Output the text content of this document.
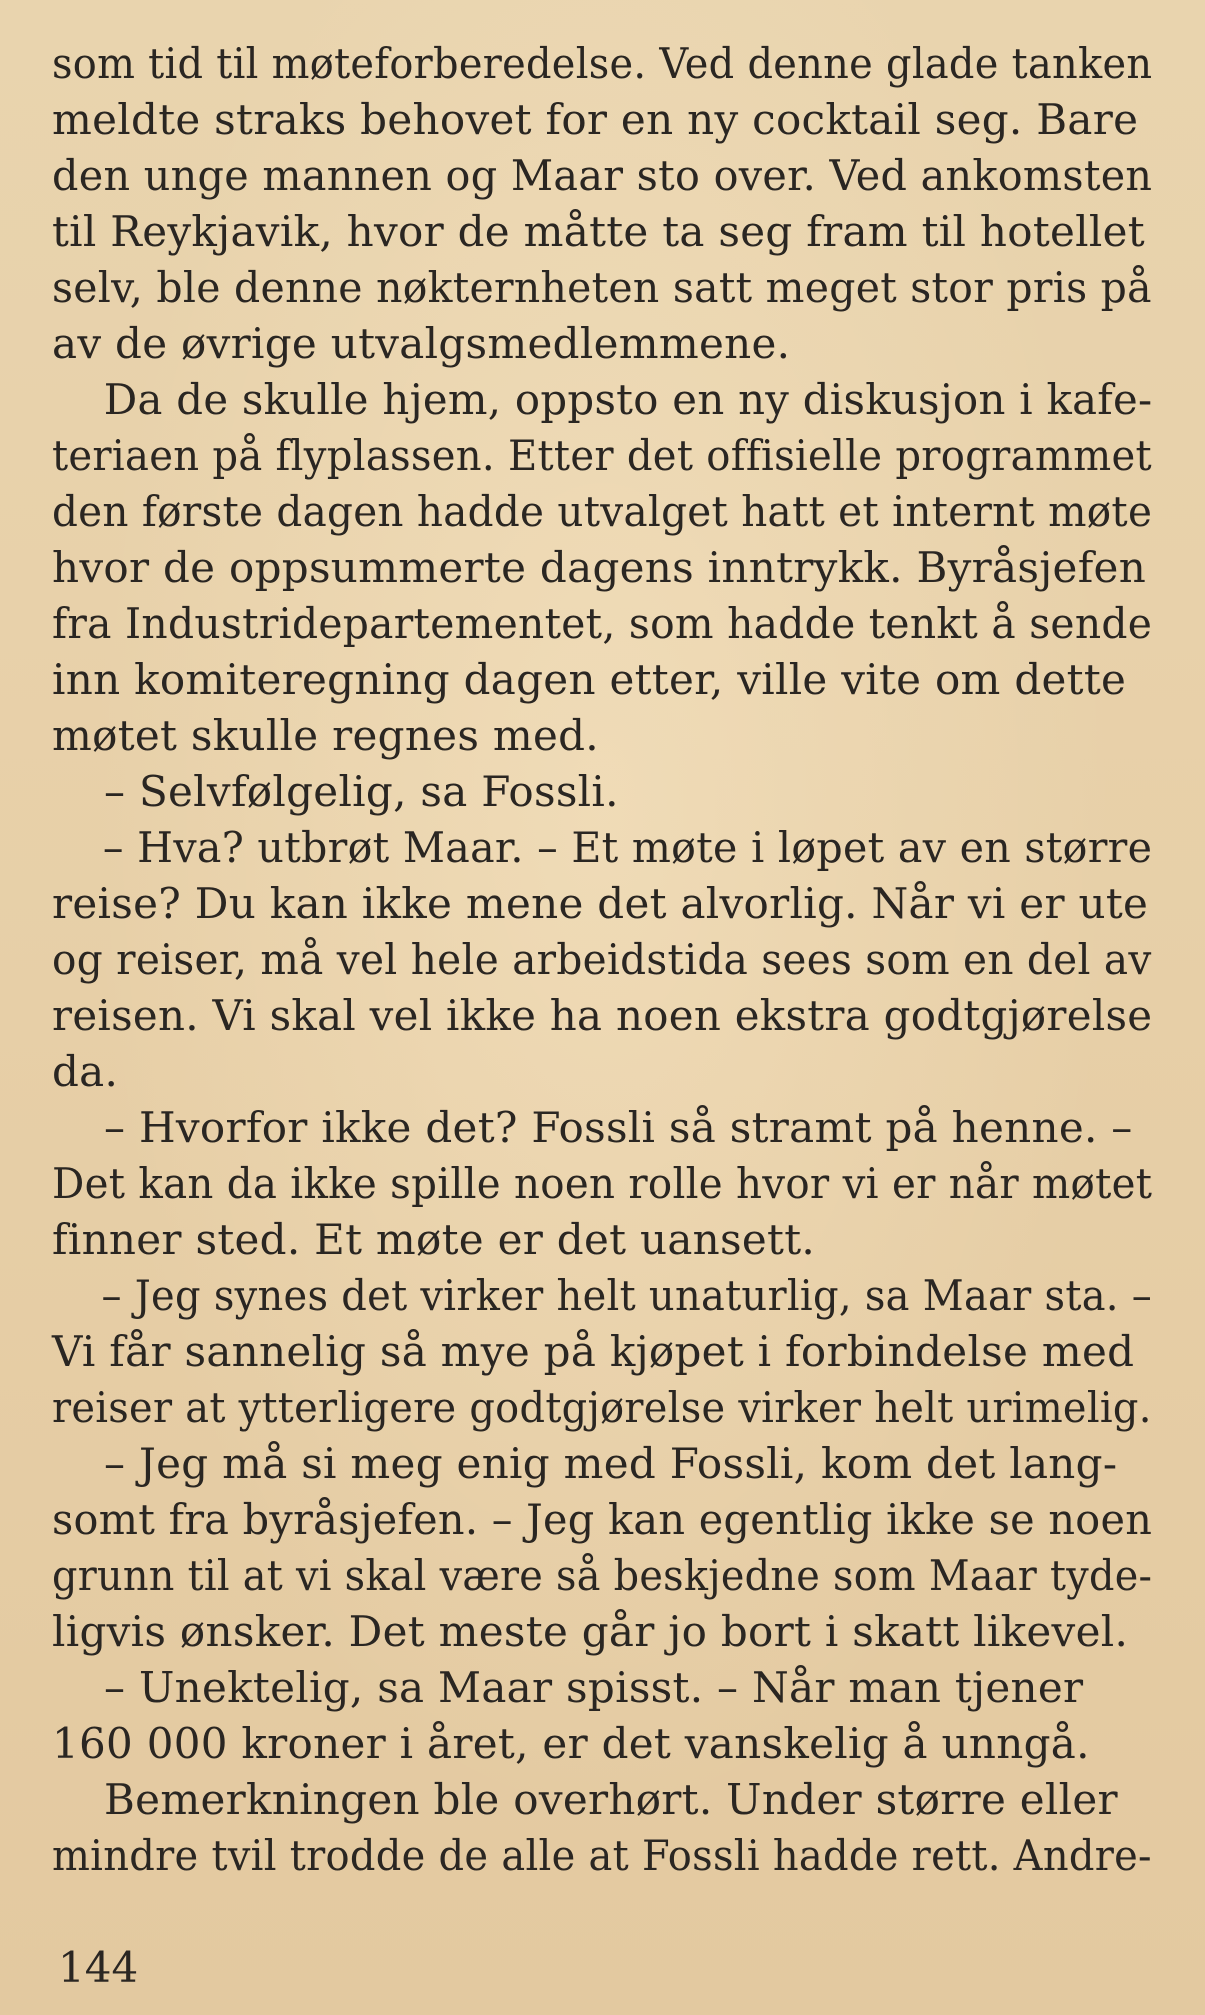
som tid til møteforberedelse. Ved denne glade tanken
meldte straks behovet for en ny cocktail seg. Bare
den unge mannen og Maar sto over. Ved ankomsten
til Reykjavik, hvor de måtte ta seg fram til hotellet
selv, ble denne nøkternheten satt meget stor pris på
av de øvrige utvalgsmedlemmene.
Da de skulle hjem, oppsto en ny diskusjon i kafe-
teriaen på flyplassen. Etter det offisielle programmet
den første dagen hadde utvalget hatt et internt møte
hvor de oppsummerte dagens inntrykk. Byråsjefen
fra Industridepartementet, som hadde tenkt å sende
inn komiteregning dagen etter, ville vite om dette
møtet skulle regnes med.
– Selvfølgelig, sa Fossli.
– Hva? utbrøt Maar. – Et møte i løpet av en større
reise? Du kan ikke mene det alvorlig. Når vi er ute
og reiser, må vel hele arbeidstida sees som en del av
reisen. Vi skal vel ikke ha noen ekstra godtgjørelse
da.
– Hvorfor ikke det? Fossli så stramt på henne. –
Det kan da ikke spille noen rolle hvor vi er når møtet
finner sted. Et møte er det uansett.
– Jeg synes det virker helt unaturlig, sa Maar sta. –
Vi får sannelig så mye på kjøpet i forbindelse med
reiser at ytterligere godtgjørelse virker helt urimelig.
– Jeg må si meg enig med Fossli, kom det lang-
somt fra byråsjefen. – Jeg kan egentlig ikke se noen
grunn til at vi skal være så beskjedne som Maar tyde-
ligvis ønsker. Det meste går jo bort i skatt likevel.
– Unektelig, sa Maar spisst. – Når man tjener
160 000 kroner i året, er det vanskelig å unngå.
Bemerkningen ble overhørt. Under større eller
mindre tvil trodde de alle at Fossli hadde rett. Andre-
144
